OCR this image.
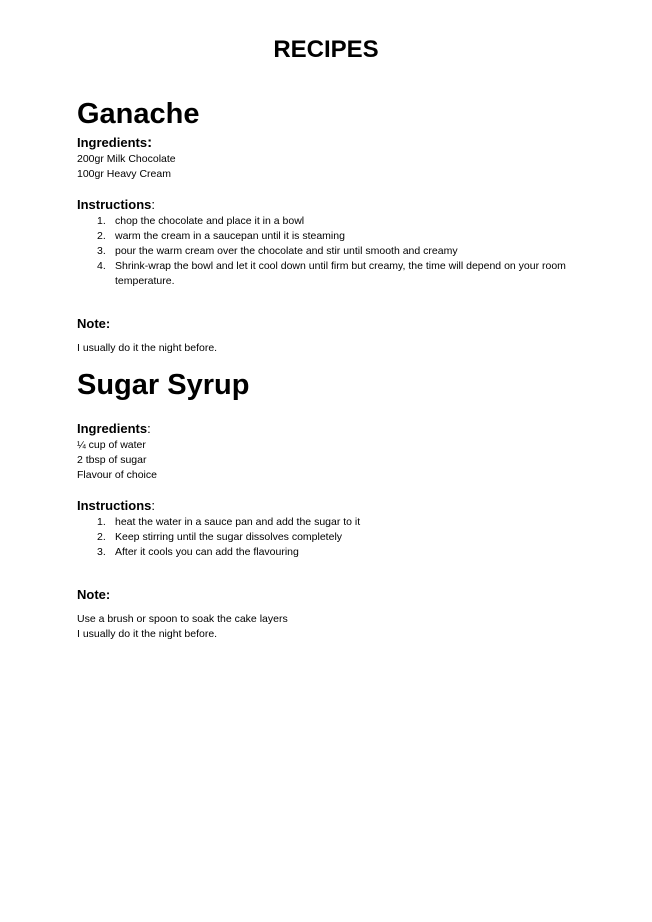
RECIPES
Ganache
Ingredients:
200gr Milk Chocolate
100gr Heavy Cream
Instructions:
1. chop the chocolate and place it in a bowl
2. warm the cream in a saucepan until it is steaming
3. pour the warm cream over the chocolate and stir until smooth and creamy
4. Shrink-wrap the bowl and let it cool down until firm but creamy, the time will depend on your room temperature.
Note:
I usually do it the night before.
Sugar Syrup
Ingredients:
¼ cup of water
2 tbsp of sugar
Flavour of choice
Instructions:
1. heat the water in a sauce pan and add the sugar to it
2. Keep stirring until the sugar dissolves completely
3. After it cools you can add the flavouring
Note:
Use a brush or spoon to soak the cake layers
I usually do it the night before.
